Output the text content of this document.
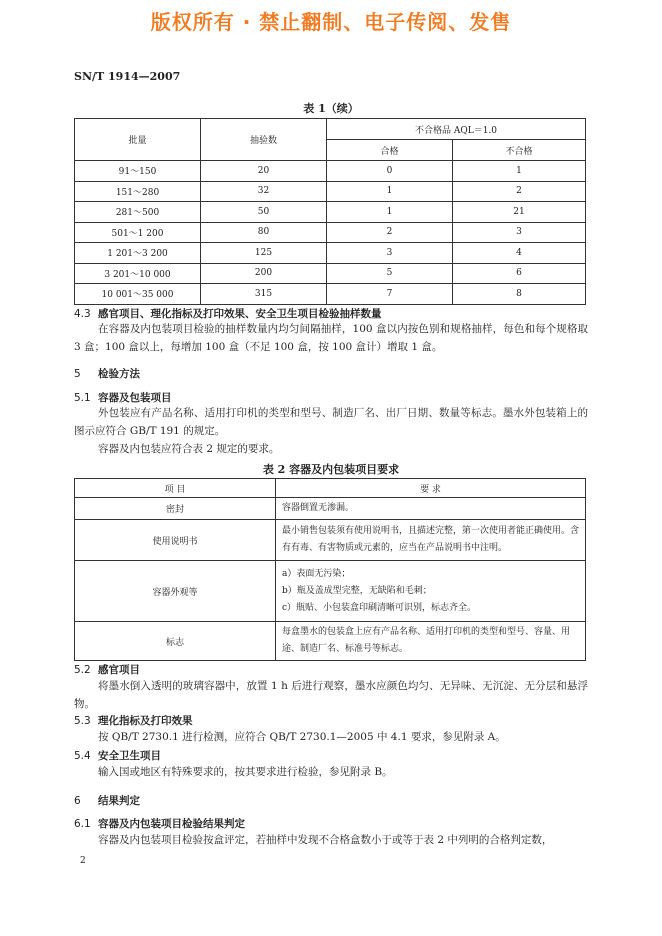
版权所有 · 禁止翻制、电子传阅、发售
SN/T 1914—2007
表 1（续）
批量	抽验数	不合格品 AQL＝1.0	
		合格	不合格
91～150	20	0	1
151～280	32	1	2
281～500	50	1	21
501～1 200	80	2	3
1 201～3 200	125	3	4
3 201～10 000	200	5	6
10 001～35 000	315	7	8
4.3 感官项目、理化指标及打印效果、安全卫生项目检验抽样数量
在容器及内包装项目检验的抽样数量内均匀间隔抽样，100 盒以内按色别和规格抽样，每色和每个规格取 3 盒；100 盒以上，每增加 100 盒（不足 100 盒，按 100 盒计）增取 1 盒。
5 检验方法
5.1 容器及包装项目
外包装应有产品名称、适用打印机的类型和型号、制造厂名、出厂日期、数量等标志。墨水外包装箱上的图示应符合 GB/T 191 的规定。
容器及内包装应符合表 2 规定的要求。
表 2 容器及内包装项目要求
项 目	要 求
密封	容器倒置无渗漏。

使用说明书	最小销售包装须有使用说明书，且描述完整，第一次使用者能正确使用。含有有毒、有害物质或元素的，应当在产品说明书中注明。

容器外观等	a）表面无污染；
b）瓶及盖成型完整，无缺陷和毛刺；
c）瓶贴、小包装盒印刷清晰可识别，标志齐全。

标志	每盒墨水的包装盒上应有产品名称、适用打印机的类型和型号、容量、用途、制造厂名、标准号等标志。
5.2 感官项目
将墨水倒入透明的玻璃容器中，放置 1 h 后进行观察，墨水应颜色均匀、无异味、无沉淀、无分层和悬浮物。
5.3 理化指标及打印效果
按 QB/T 2730.1 进行检测，应符合 QB/T 2730.1—2005 中 4.1 要求，参见附录 A。
5.4 安全卫生项目
输入国或地区有特殊要求的，按其要求进行检验，参见附录 B。
6 结果判定
6.1 容器及内包装项目检验结果判定
容器及内包装项目检验按盒评定，若抽样中发现不合格盒数小于或等于表 2 中列明的合格判定数，
2
